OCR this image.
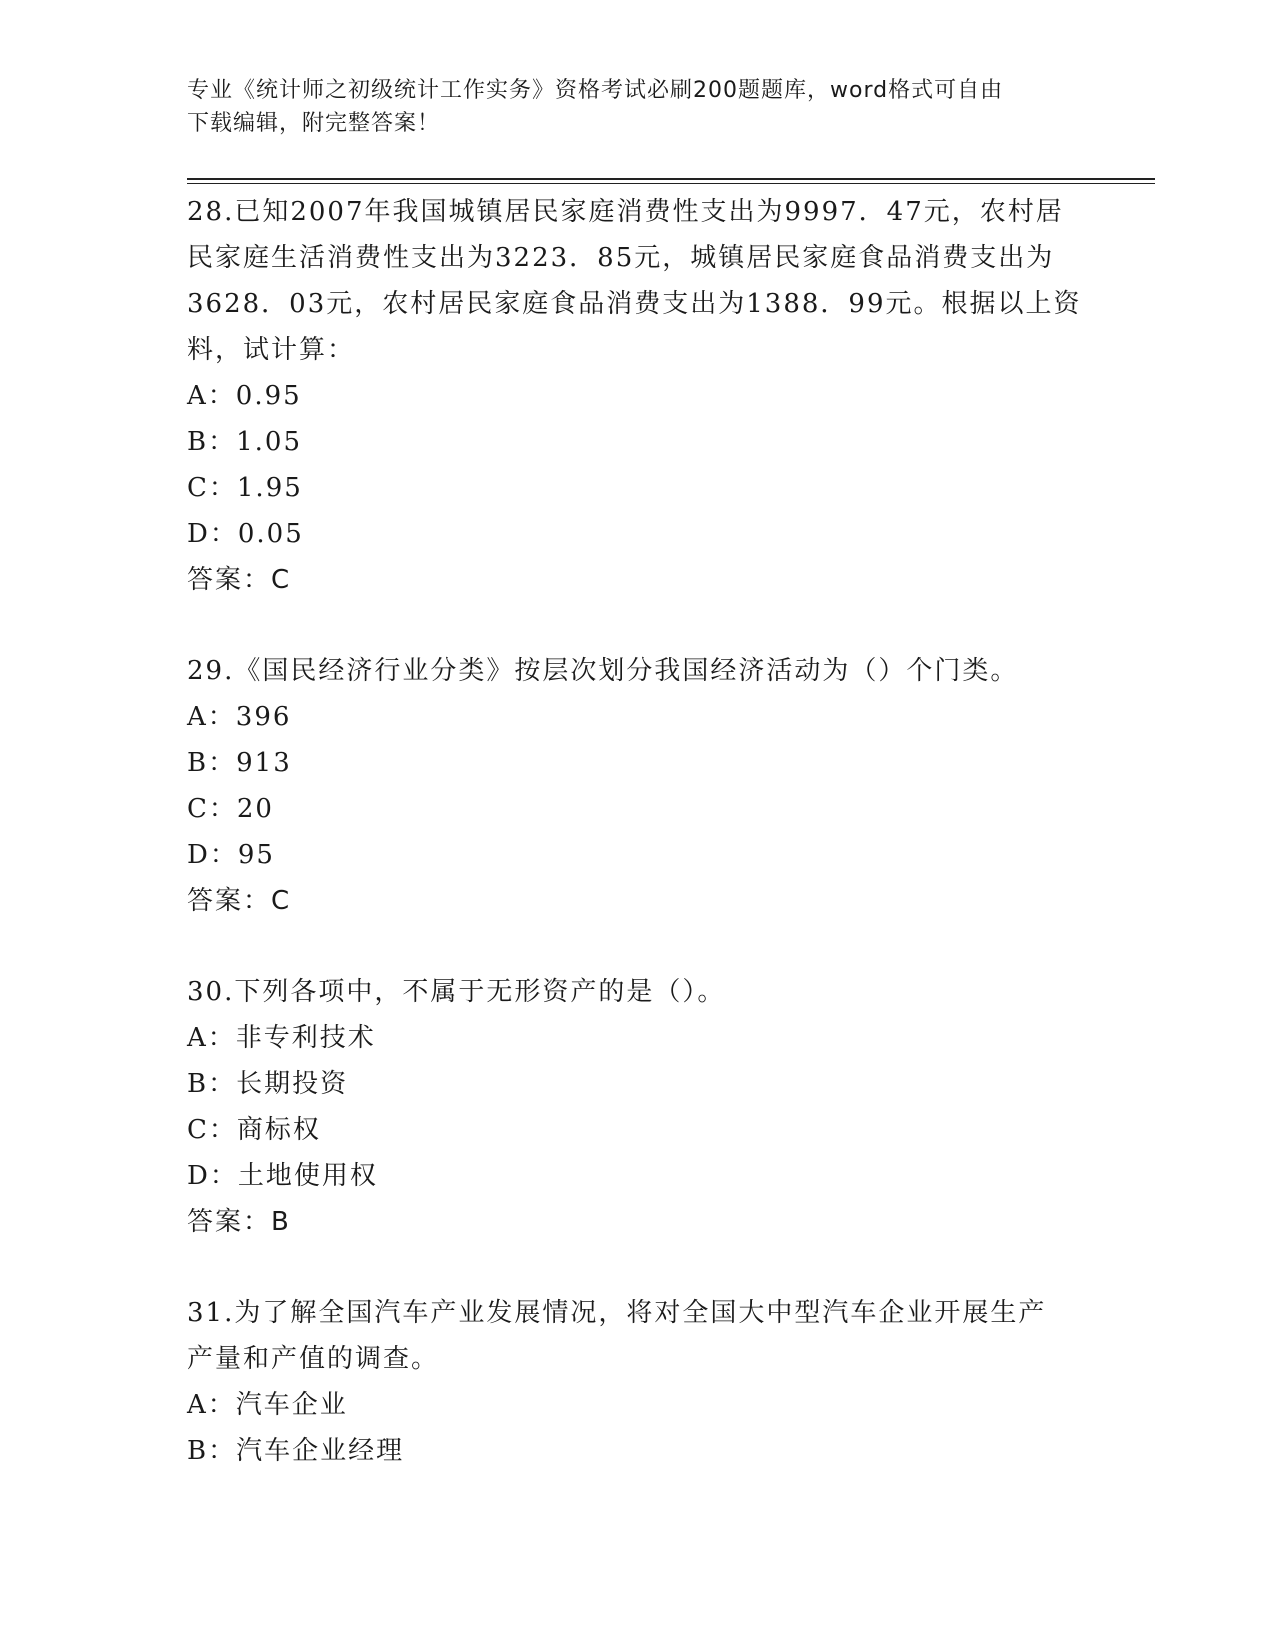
专业《统计师之初级统计工作实务》资格考试必刷200题题库，word格式可自由
下载编辑，附完整答案！
28.已知2007年我国城镇居民家庭消费性支出为9997．47元，农村居
民家庭生活消费性支出为3223．85元，城镇居民家庭食品消费支出为
3628．03元，农村居民家庭食品消费支出为1388．99元。根据以上资
料，试计算：
A：0.95
B：1.05
C：1.95
D：0.05
答案：C
29.《国民经济行业分类》按层次划分我国经济活动为（）个门类。
A：396
B：913
C：20
D：95
答案：C
30.下列各项中，不属于无形资产的是（）。
A：非专利技术
B：长期投资
C：商标权
D：土地使用权
答案：B
31.为了解全国汽车产业发展情况，将对全国大中型汽车企业开展生产
产量和产值的调查。
A：汽车企业
B：汽车企业经理
